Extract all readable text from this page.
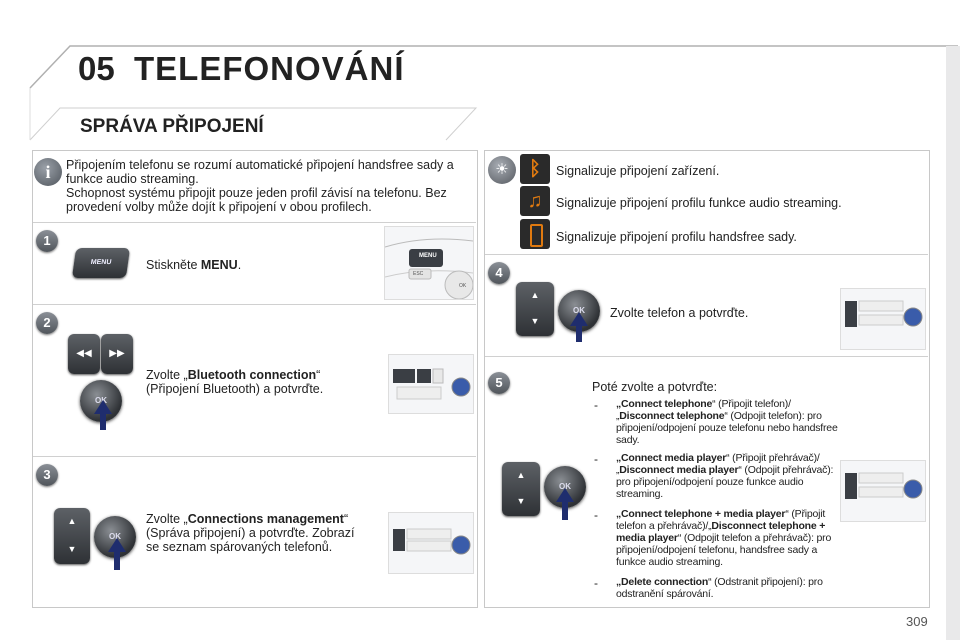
05 TELEFONOVÁNÍ
SPRÁVA PŘIPOJENÍ
i	Připojením telefonu se rozumí automatické připojení handsfree sady a funkce audio streaming.
Schopnost systému připojit pouze jeden profil závisí na telefonu. Bez provedení volby může dojít k připojení v obou profilech.
1
MENU	Stiskněte MENU.
MENU
ESC
OK
2
◀◀	▶▶
OK
Zvolte „Bluetooth connection“ (Připojení Bluetooth) a potvrďte.
3
▲
▼
OK
Zvolte „Connections management“ (Správa připojení) a potvrďte. Zobrazí se seznam spárovaných telefonů.
☀	ᛒ	Signalizuje připojení zařízení.
♫	Signalizuje připojení profilu funkce audio streaming.
Signalizuje připojení profilu handsfree sady.
4
▲
▼
OK	Zvolte telefon a potvrďte.
5
▲
▼
OK
Poté zvolte a potvrďte:
- „Connect telephone“ (Připojit telefon)/ „Disconnect telephone“ (Odpojit telefon): pro připojení/odpojení pouze telefonu nebo handsfree sady.
- „Connect media player“ (Připojit přehrávač)/„Disconnect media player“ (Odpojit přehrávač): pro připojení/odpojení pouze funkce audio streaming.
- „Connect telephone + media player“ (Připojit telefon a přehrávač)/„Disconnect telephone + media player“ (Odpojit telefon a přehrávač): pro připojení/odpojení telefonu, handsfree sady a funkce audio streaming.
- „Delete connection“ (Odstranit připojení): pro odstranění spárování.
309
